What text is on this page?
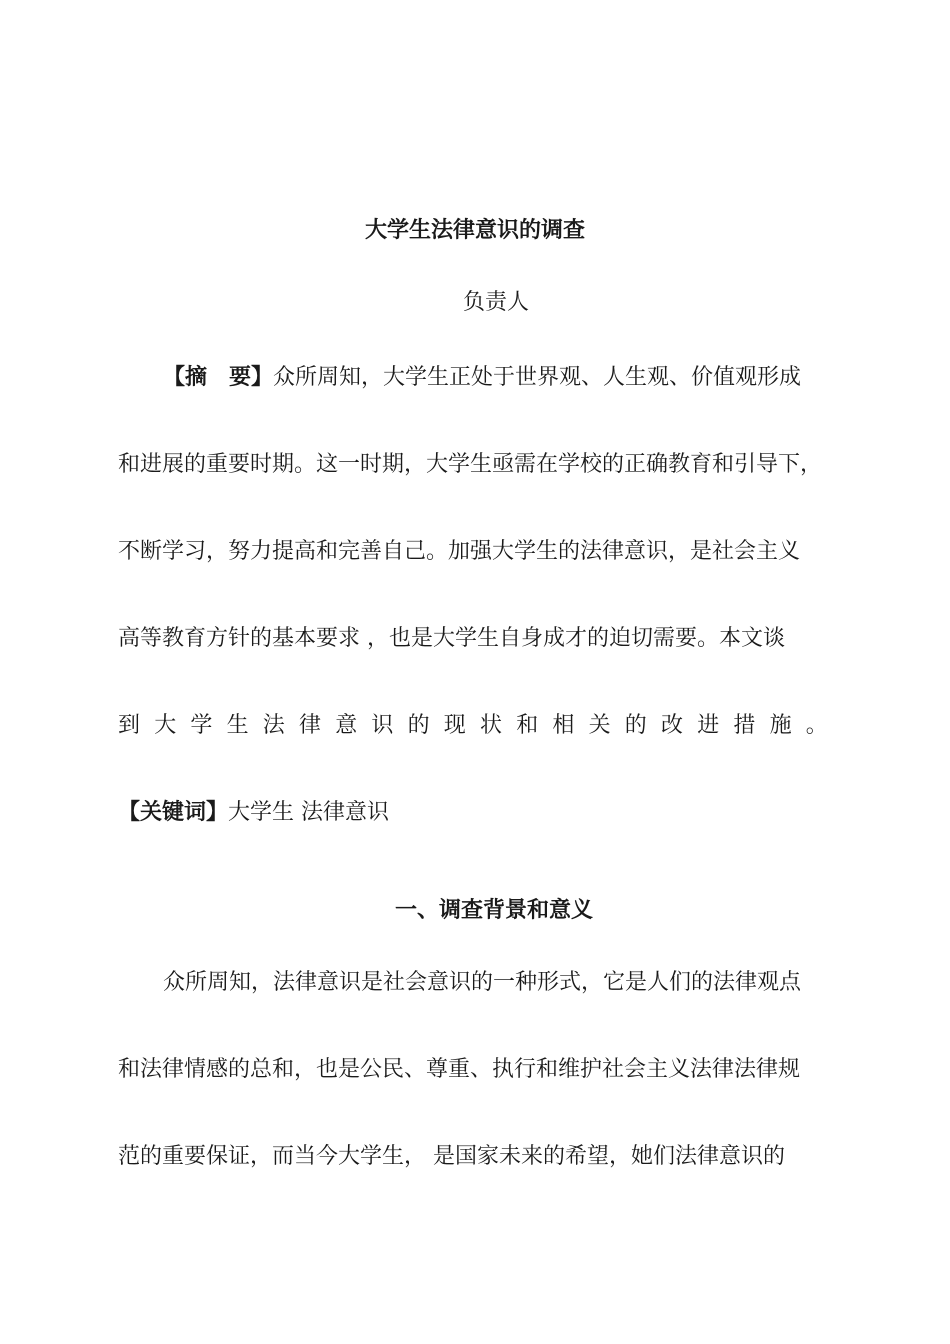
大学生法律意识的调查
负责人
【摘　要】众所周知，大学生正处于世界观、人生观、价值观形成
和进展的重要时期。这一时期，大学生亟需在学校的正确教育和引导下，
不断学习，努力提高和完善自己。加强大学生的法律意识，是社会主义
高等教育方针的基本要求 ，也是大学生自身成才的迫切需要。本文谈
到大学生法律意识的现状和相关的改进措施。
【关键词】大学生 法律意识
一、调查背景和意义
众所周知，法律意识是社会意识的一种形式，它是人们的法律观点
和法律情感的总和，也是公民、尊重、执行和维护社会主义法律法律规
范的重要保证，而当今大学生， 是国家未来的希望，她们法律意识的
